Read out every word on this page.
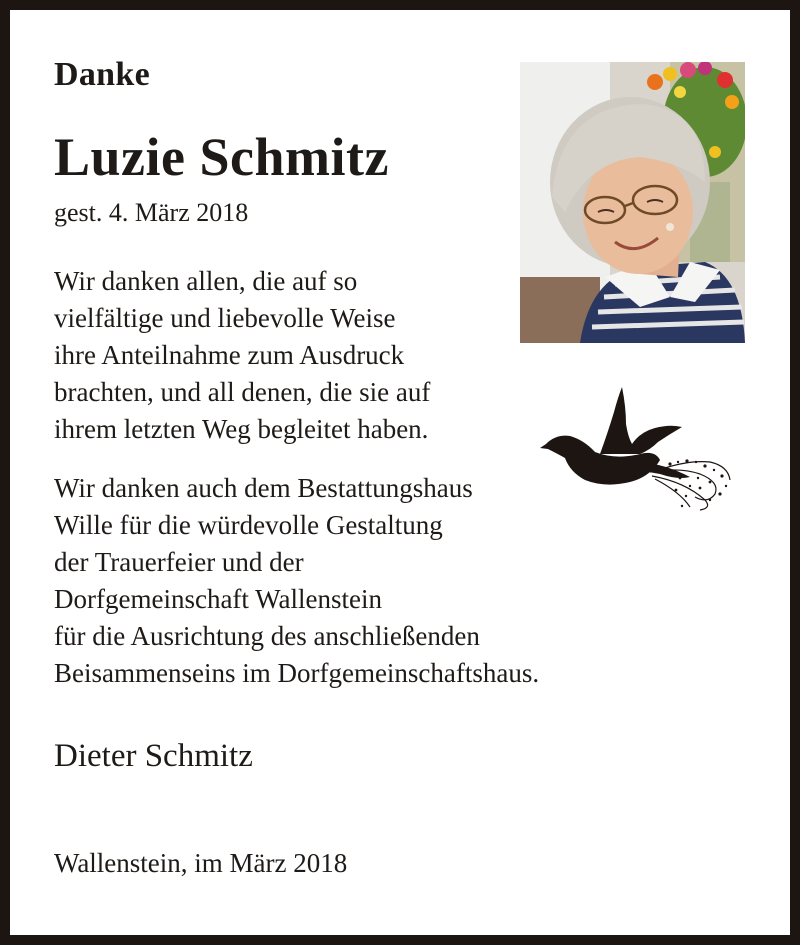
Danke
Luzie Schmitz
gest. 4. März 2018

Wir danken allen, die auf so
vielfältige und liebevolle Weise
ihre Anteilnahme zum Ausdruck
brachten, und all denen, die sie auf
ihrem letzten Weg begleitet haben.

Wir danken auch dem Bestattungshaus
Wille für die würdevolle Gestaltung
der Trauerfeier und der
Dorfgemeinschaft Wallenstein
für die Ausrichtung des anschließenden
Beisammenseins im Dorfgemeinschaftshaus.

Dieter Schmitz
Wallenstein, im März 2018
